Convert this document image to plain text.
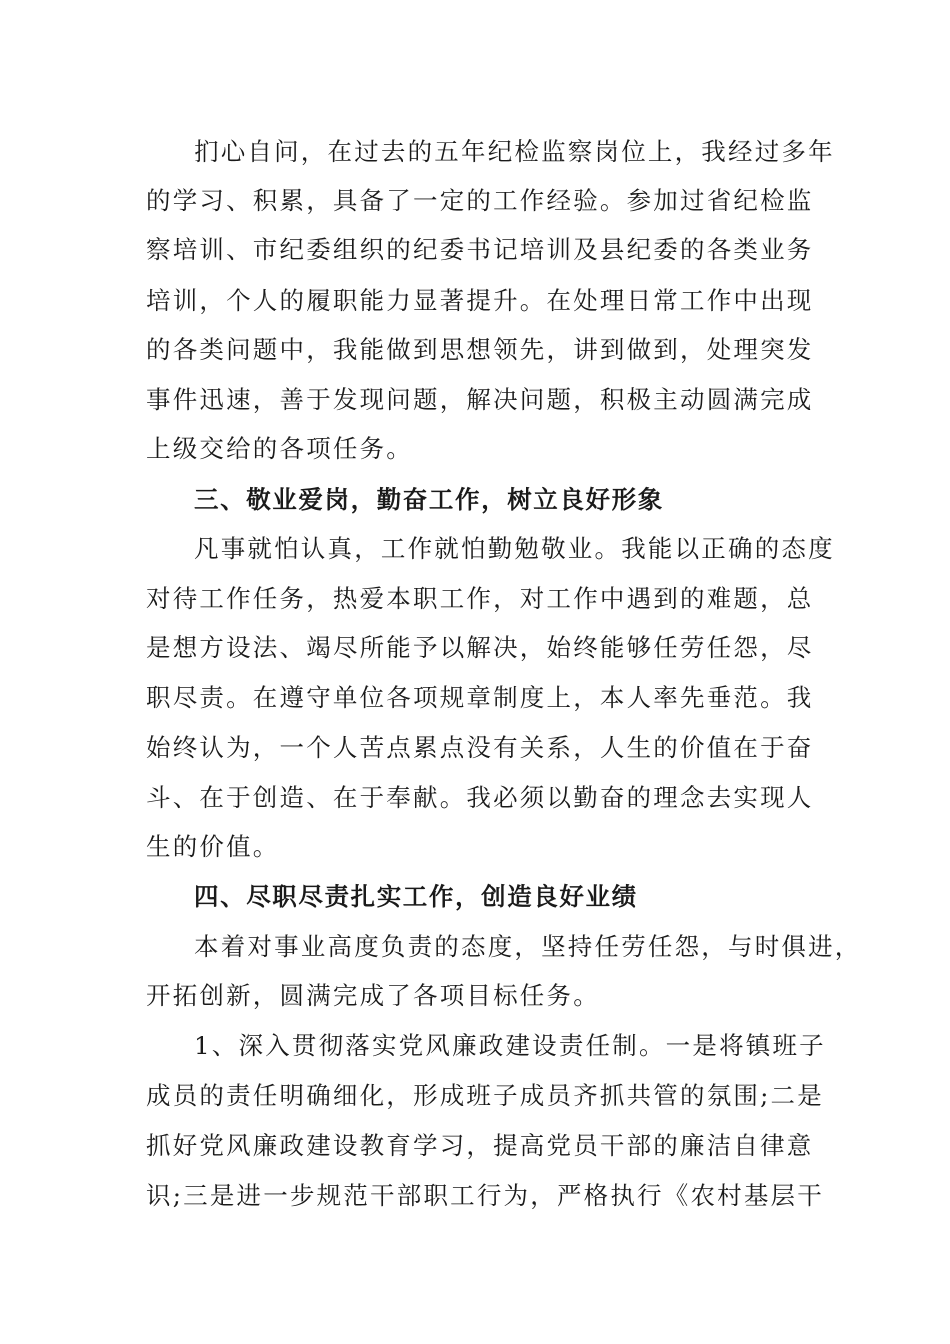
扪心自问，在过去的五年纪检监察岗位上，我经过多年
的学习、积累，具备了一定的工作经验。参加过省纪检监
察培训、市纪委组织的纪委书记培训及县纪委的各类业务
培训，个人的履职能力显著提升。在处理日常工作中出现
的各类问题中，我能做到思想领先，讲到做到，处理突发
事件迅速，善于发现问题，解决问题，积极主动圆满完成
上级交给的各项任务。
三、敬业爱岗，勤奋工作，树立良好形象
凡事就怕认真，工作就怕勤勉敬业。我能以正确的态度
对待工作任务，热爱本职工作，对工作中遇到的难题，总
是想方设法、竭尽所能予以解决，始终能够任劳任怨，尽
职尽责。在遵守单位各项规章制度上，本人率先垂范。我
始终认为，一个人苦点累点没有关系，人生的价值在于奋
斗、在于创造、在于奉献。我必须以勤奋的理念去实现人
生的价值。
四、尽职尽责扎实工作，创造良好业绩
本着对事业高度负责的态度，坚持任劳任怨，与时俱进，
开拓创新，圆满完成了各项目标任务。
1、深入贯彻落实党风廉政建设责任制。一是将镇班子
成员的责任明确细化，形成班子成员齐抓共管的氛围;二是
抓好党风廉政建设教育学习，提高党员干部的廉洁自律意
识;三是进一步规范干部职工行为，严格执行《农村基层干
